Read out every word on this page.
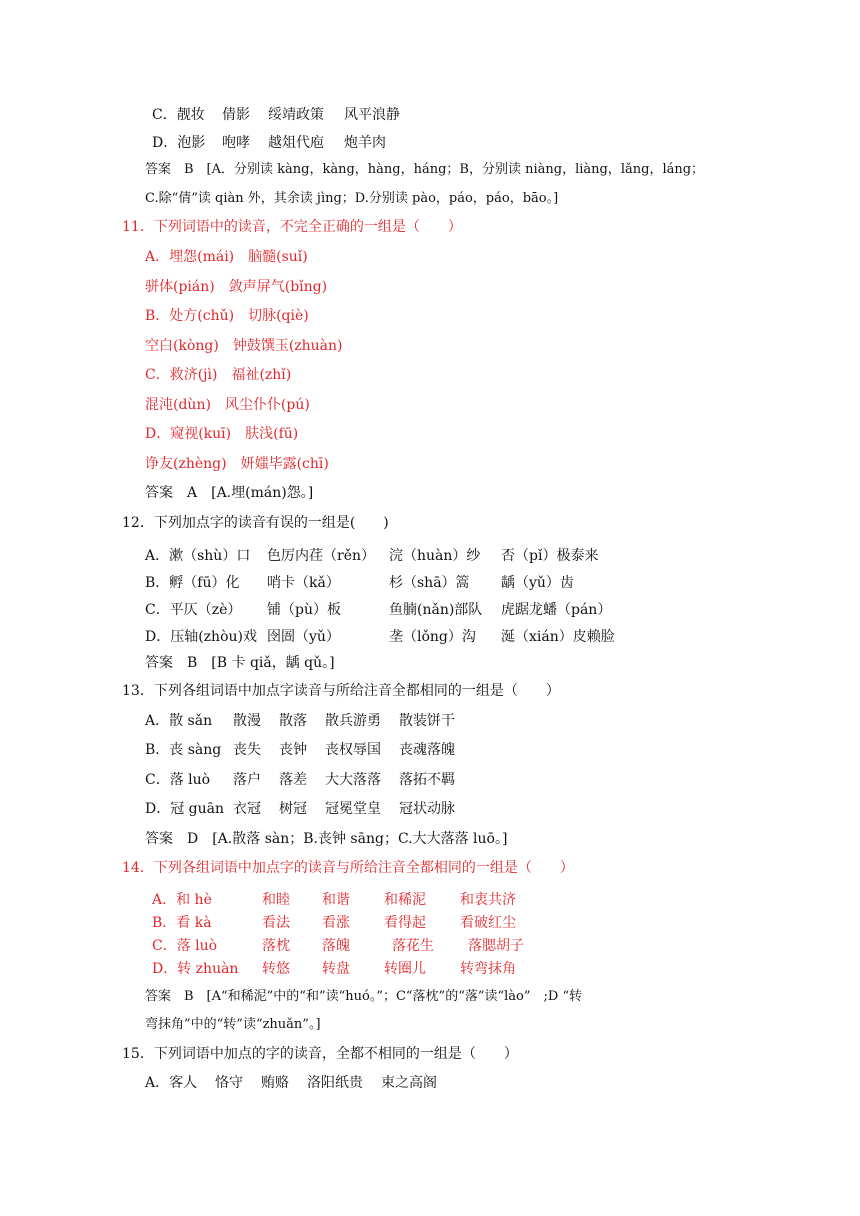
C．靓妆 倩影 绥靖政策 风平浪静
D．泡影 咆哮 越俎代庖 炮羊肉
答案　B　[A．分别读 kàng，kàng，hàng，háng；B，分别读 niàng，liàng，lǎng，láng；
C.除“倩”读 qiàn 外，其余读 jìng；D.分别读 pào，páo，páo，bāo。]
11．下列词语中的读音，不完全正确的一组是（　　）
A．埋怨(mái)　脑髓(suǐ)
骈体(pián)　敛声屏气(bǐng)
B．处方(chǔ)　切脉(qiè)
空白(kòng)　钟鼓馔玉(zhuàn)
C．救济(jì)　福祉(zhǐ)
混沌(dùn)　风尘仆仆(pú)
D．窥视(kuī)　肤浅(fū)
诤友(zhèng)　妍媸毕露(chī)
答案　A　[A.埋(mán)怨。]
12．下列加点字的读音有误的一组是(　　)
A．漱（shù）口 色厉内荏（rěn） 浣（huàn）纱 否（pǐ）极泰来
B．孵（fū）化 哨卡（kǎ）	杉（shā）篙 龋（yǔ）齿
C．平仄（zè） 铺（pù）板	鱼腩(nǎn)部队 虎踞龙蟠（pán）
D．压轴(zhòu)戏 囹圄（yǔ）	垄（lǒng）沟 涎（xián）皮赖脸
答案　B　[B 卡 qiǎ，龋 qǔ。]
13．下列各组词语中加点字读音与所给注音全都相同的一组是（　　）
A．散 sǎn 散漫 散落 散兵游勇 散装饼干
B．丧 sàng 丧失 丧钟 丧权辱国 丧魂落魄
C．落 luò 落户 落差 大大落落 落拓不羁
D．冠 guān 衣冠 树冠 冠冕堂皇 冠状动脉
答案　D　[A.散落 sàn；B.丧钟 sāng；C.大大落落 luō。]
14．下列各组词语中加点字的读音与所给注音全都相同的一组是（　　）
A．和 hè	和睦 和谐 和稀泥 和衷共济
B．看 kà	看法 看涨 看得起 看破红尘
C．落 luò	落枕 落魄	落花生 落腮胡子
D．转 zhuàn 转悠 转盘 转圈儿 转弯抹角
答案　B　[A“和稀泥”中的“和”读“huó。”；C“落枕”的“落”读“lào”　;D “转
弯抹角”中的“转”读“zhuǎn”。]
15．下列词语中加点的字的读音，全都不相同的一组是（　　）
A．客人 恪守 贿赂 洛阳纸贵 束之高阁
